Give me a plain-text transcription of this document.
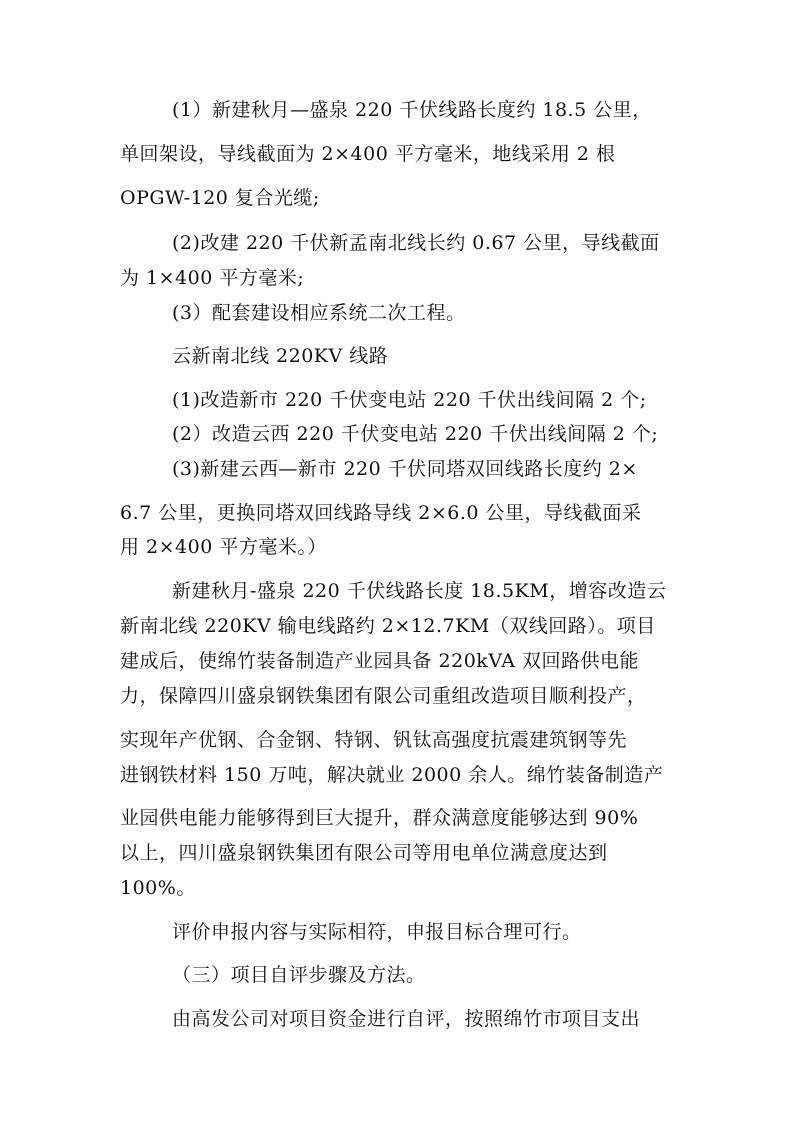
(1）新建秋月—盛泉 220 千伏线路长度约 18.5 公里，

单回架设，导线截面为 2×400 平方毫米，地线采用 2 根

OPGW-120 复合光缆;

(2)改建 220 千伏新孟南北线长约 0.67 公里，导线截面

为 1×400 平方毫米;

(3）配套建设相应系统二次工程。

云新南北线 220KV 线路

(1)改造新市 220 千伏变电站 220 千伏出线间隔 2 个;

(2）改造云西 220 千伏变电站 220 千伏出线间隔 2 个;

(3)新建云西—新市 220 千伏同塔双回线路长度约 2×

6.7 公里，更换同塔双回线路导线 2×6.0 公里，导线截面采

用 2×400 平方毫米。）

新建秋月-盛泉 220 千伏线路长度 18.5KM，增容改造云

新南北线 220KV 输电线路约 2×12.7KM（双线回路）。项目

建成后，使绵竹装备制造产业园具备 220kVA 双回路供电能

力，保障四川盛泉钢铁集团有限公司重组改造项目顺利投产，

实现年产优钢、合金钢、特钢、钒钛高强度抗震建筑钢等先

进钢铁材料 150 万吨，解决就业 2000 余人。绵竹装备制造产

业园供电能力能够得到巨大提升，群众满意度能够达到 90%

以上，四川盛泉钢铁集团有限公司等用电单位满意度达到

100%。

评价申报内容与实际相符，申报目标合理可行。

（三）项目自评步骤及方法。

由高发公司对项目资金进行自评，按照绵竹市项目支出
